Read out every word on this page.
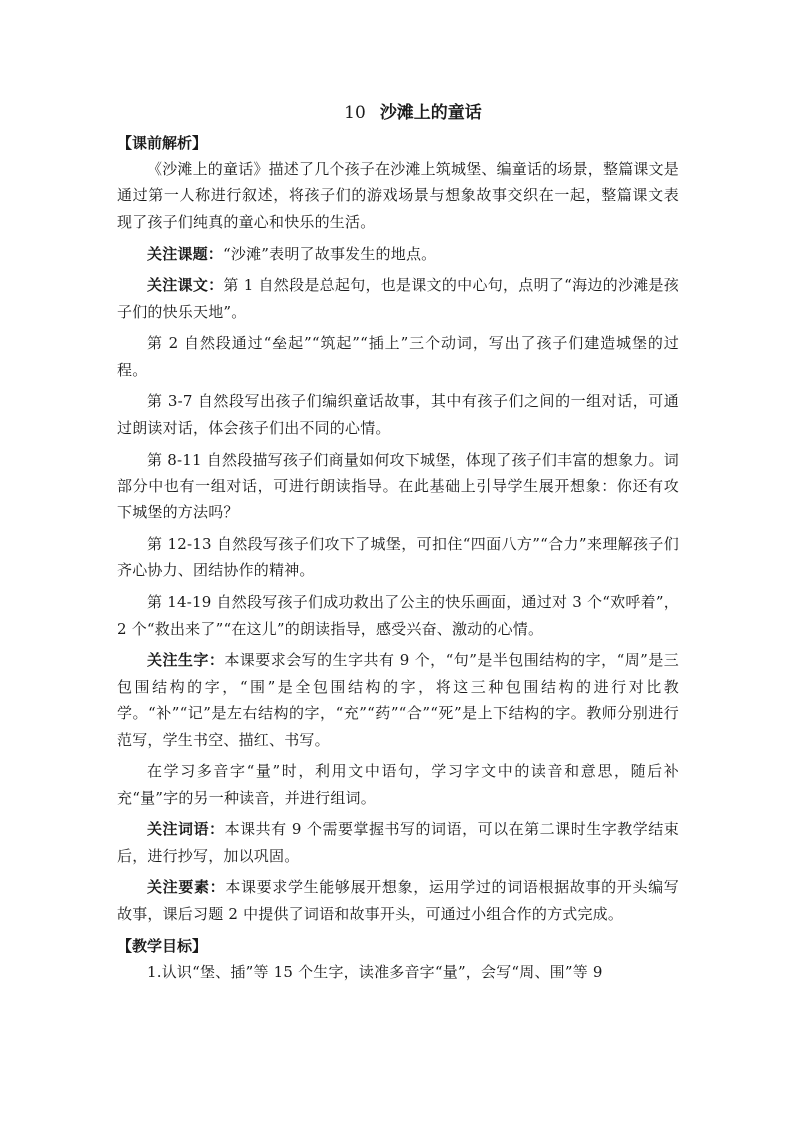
10 沙滩上的童话
【课前解析】

《沙滩上的童话》描述了几个孩子在沙滩上筑城堡、编童话的场景，整篇课文是通过第一人称进行叙述，将孩子们的游戏场景与想象故事交织在一起，整篇课文表现了孩子们纯真的童心和快乐的生活。

关注课题：“沙滩”表明了故事发生的地点。

关注课文：第 1 自然段是总起句，也是课文的中心句，点明了“海边的沙滩是孩子们的快乐天地”。

第 2 自然段通过“垒起”“筑起”“插上”三个动词，写出了孩子们建造城堡的过程。

第 3-7 自然段写出孩子们编织童话故事，其中有孩子们之间的一组对话，可通过朗读对话，体会孩子们出不同的心情。

第 8-11 自然段描写孩子们商量如何攻下城堡，体现了孩子们丰富的想象力。词部分中也有一组对话，可进行朗读指导。在此基础上引导学生展开想象：你还有攻下城堡的方法吗？

第 12-13 自然段写孩子们攻下了城堡，可扣住“四面八方”“合力”来理解孩子们齐心协力、团结协作的精神。

第 14-19 自然段写孩子们成功救出了公主的快乐画面，通过对 3 个“欢呼着”，2 个“救出来了”“在这儿”的朗读指导，感受兴奋、激动的心情。

关注生字：本课要求会写的生字共有 9 个，“句”是半包围结构的字，“周”是三包围结构的字，“围”是全包围结构的字，将这三种包围结构的进行对比教学。“补”“记”是左右结构的字，“充”“药”“合”“死”是上下结构的字。教师分别进行范写，学生书空、描红、书写。

在学习多音字“量”时，利用文中语句，学习字文中的读音和意思，随后补充“量”字的另一种读音，并进行组词。

关注词语：本课共有 9 个需要掌握书写的词语，可以在第二课时生字教学结束后，进行抄写，加以巩固。

关注要素：本课要求学生能够展开想象，运用学过的词语根据故事的开头编写故事，课后习题 2 中提供了词语和故事开头，可通过小组合作的方式完成。

【教学目标】

1.认识“堡、插”等 15 个生字，读准多音字“量”，会写“周、围”等 9
